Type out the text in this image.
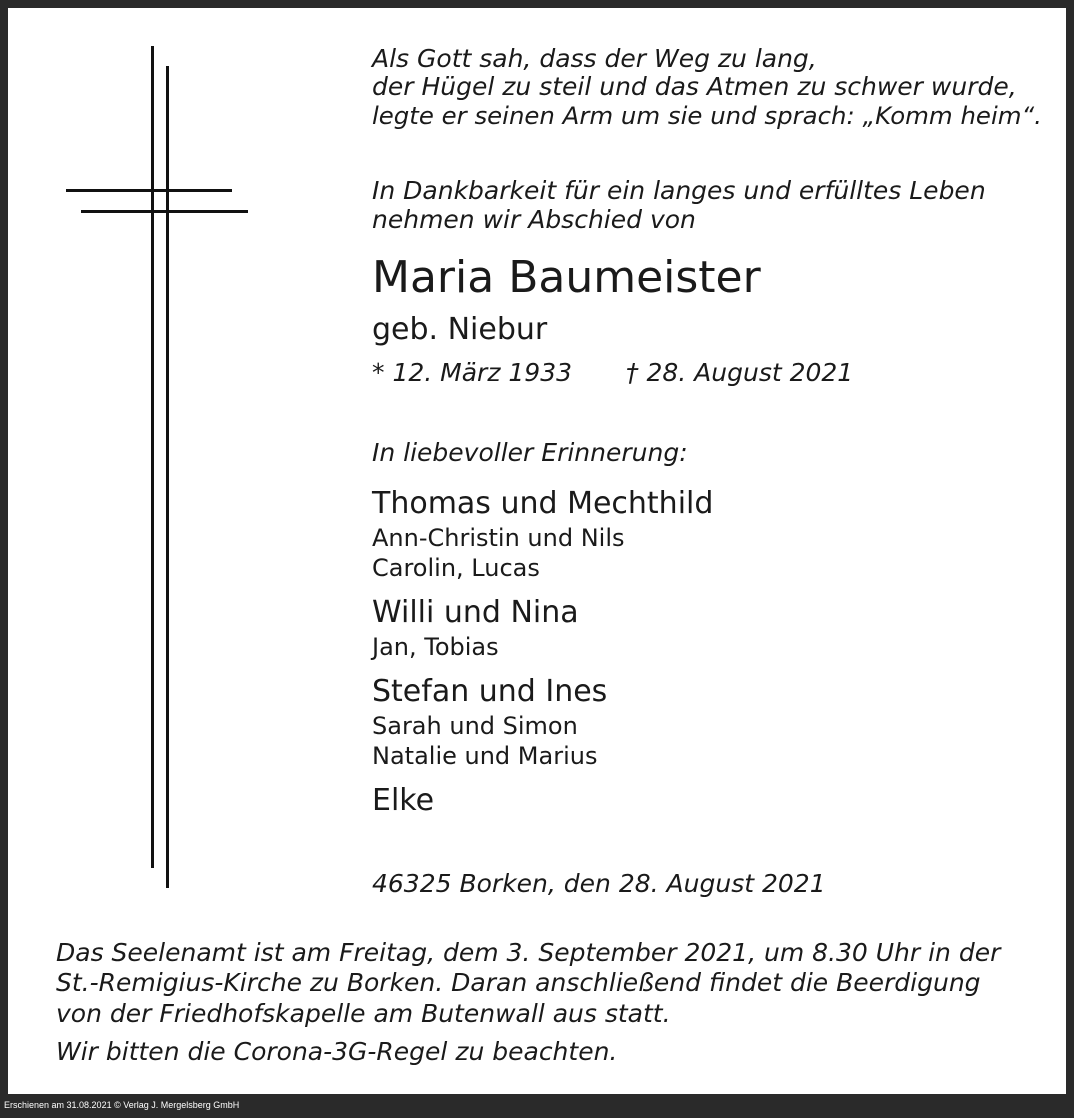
Als Gott sah, dass der Weg zu lang,
der Hügel zu steil und das Atmen zu schwer wurde,
legte er seinen Arm um sie und sprach: „Komm heim“.
In Dankbarkeit für ein langes und erfülltes Leben
nehmen wir Abschied von
Maria Baumeister
geb. Niebur
* 12. März 1933 † 28. August 2021
In liebevoller Erinnerung:
Thomas und Mechthild
Ann-Christin und Nils
Carolin, Lucas
Willi und Nina
Jan, Tobias
Stefan und Ines
Sarah und Simon
Natalie und Marius
Elke
46325 Borken, den 28. August 2021
Das Seelenamt ist am Freitag, dem 3. September 2021, um 8.30 Uhr in der
St.-Remigius-Kirche zu Borken. Daran anschließend findet die Beerdigung
von der Friedhofskapelle am Butenwall aus statt.
Wir bitten die Corona-3G-Regel zu beachten.
Erschienen am 31.08.2021 © Verlag J. Mergelsberg GmbH
